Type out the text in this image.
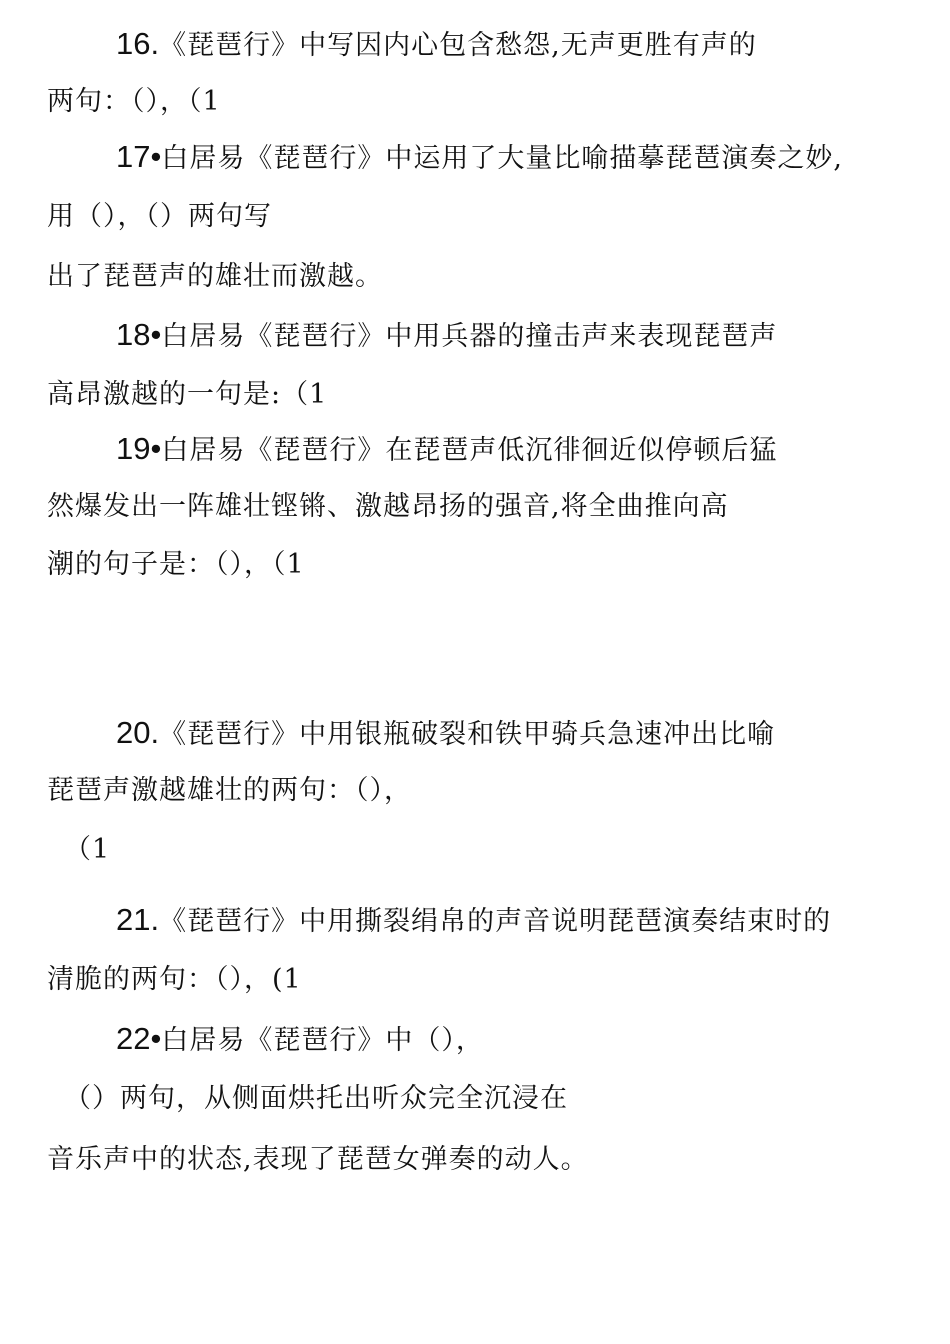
16.《琵琶行》中写因内心包含愁怨,无声更胜有声的
两句：（），（1
17•白居易《琵琶行》中运用了大量比喻描摹琵琶演奏之妙,
用（），（）两句写
出了琵琶声的雄壮而激越。
18•白居易《琵琶行》中用兵器的撞击声来表现琵琶声
高昂激越的一句是:（1
19•白居易《琵琶行》在琵琶声低沉徘徊近似停顿后猛
然爆发出一阵雄壮铿锵、激越昂扬的强音,将全曲推向高
潮的句子是：（），（1
20.《琵琶行》中用银瓶破裂和铁甲骑兵急速冲出比喻
琵琶声激越雄壮的两句：（），
（1
21.《琵琶行》中用撕裂绢帛的声音说明琵琶演奏结束时的
清脆的两句：（），(1
22•白居易《琵琶行》中（），
（）两句，从侧面烘托出听众完全沉浸在
音乐声中的状态,表现了琵琶女弹奏的动人。
